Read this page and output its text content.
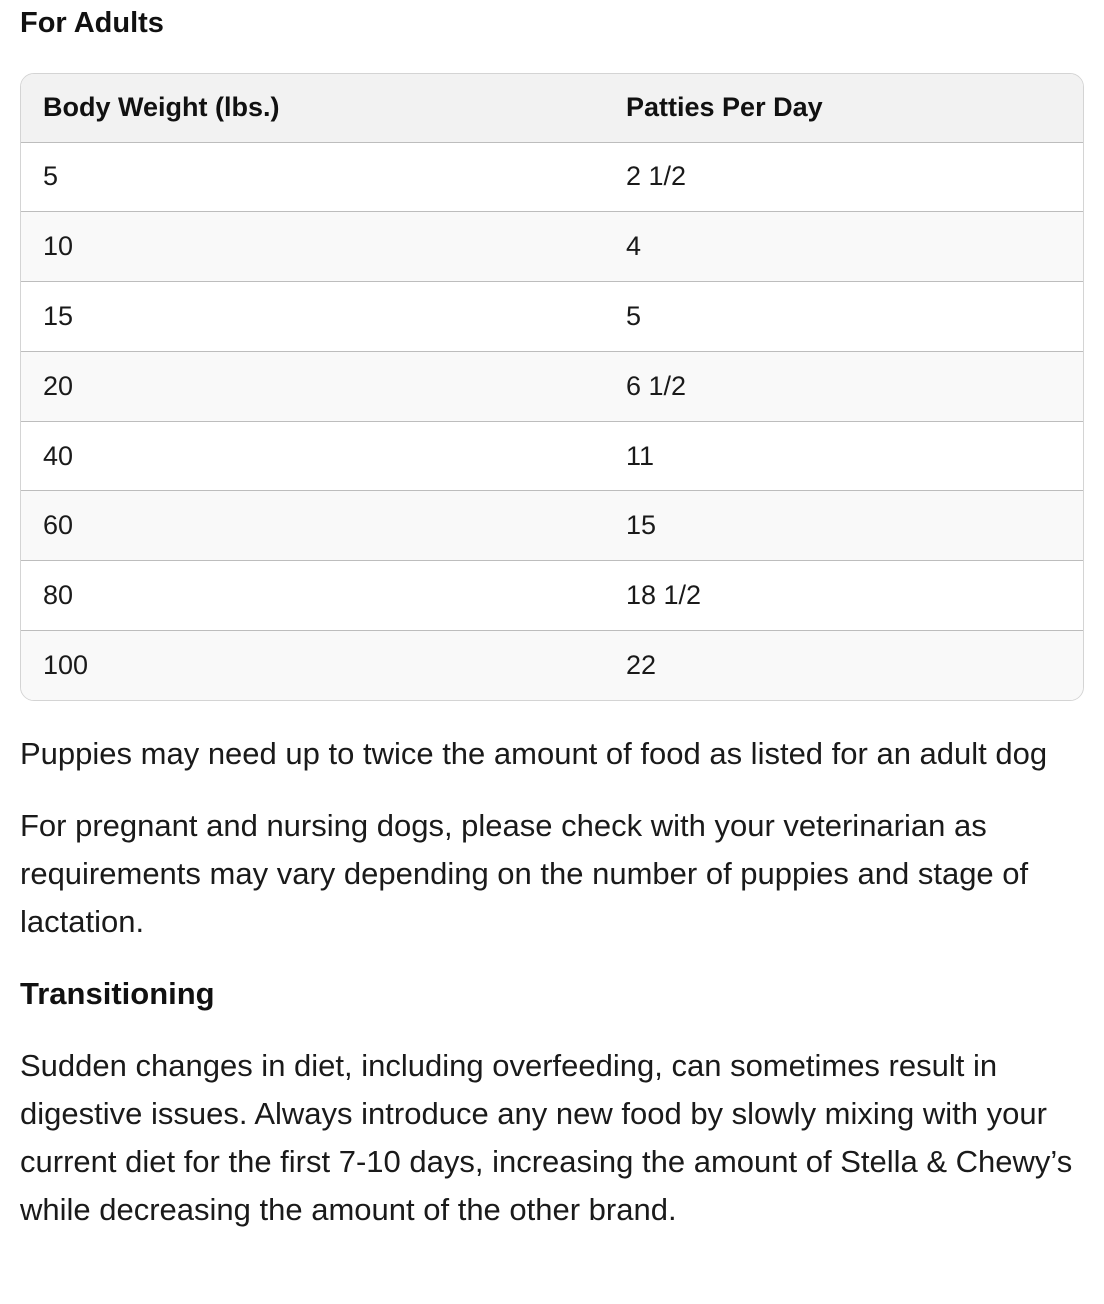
For Adults
Body Weight (lbs.)	Patties Per Day
5	2 1/2
10	4
15	5
20	6 1/2
40	11
60	15
80	18 1/2
100	22

Puppies may need up to twice the amount of food as listed for an adult dog

For pregnant and nursing dogs, please check with your veterinarian as requirements may vary depending on the number of puppies and stage of lactation.

Transitioning

Sudden changes in diet, including overfeeding, can sometimes result in digestive issues. Always introduce any new food by slowly mixing with your current diet for the first 7-10 days, increasing the amount of Stella & Chewy’s while decreasing the amount of the other brand.
